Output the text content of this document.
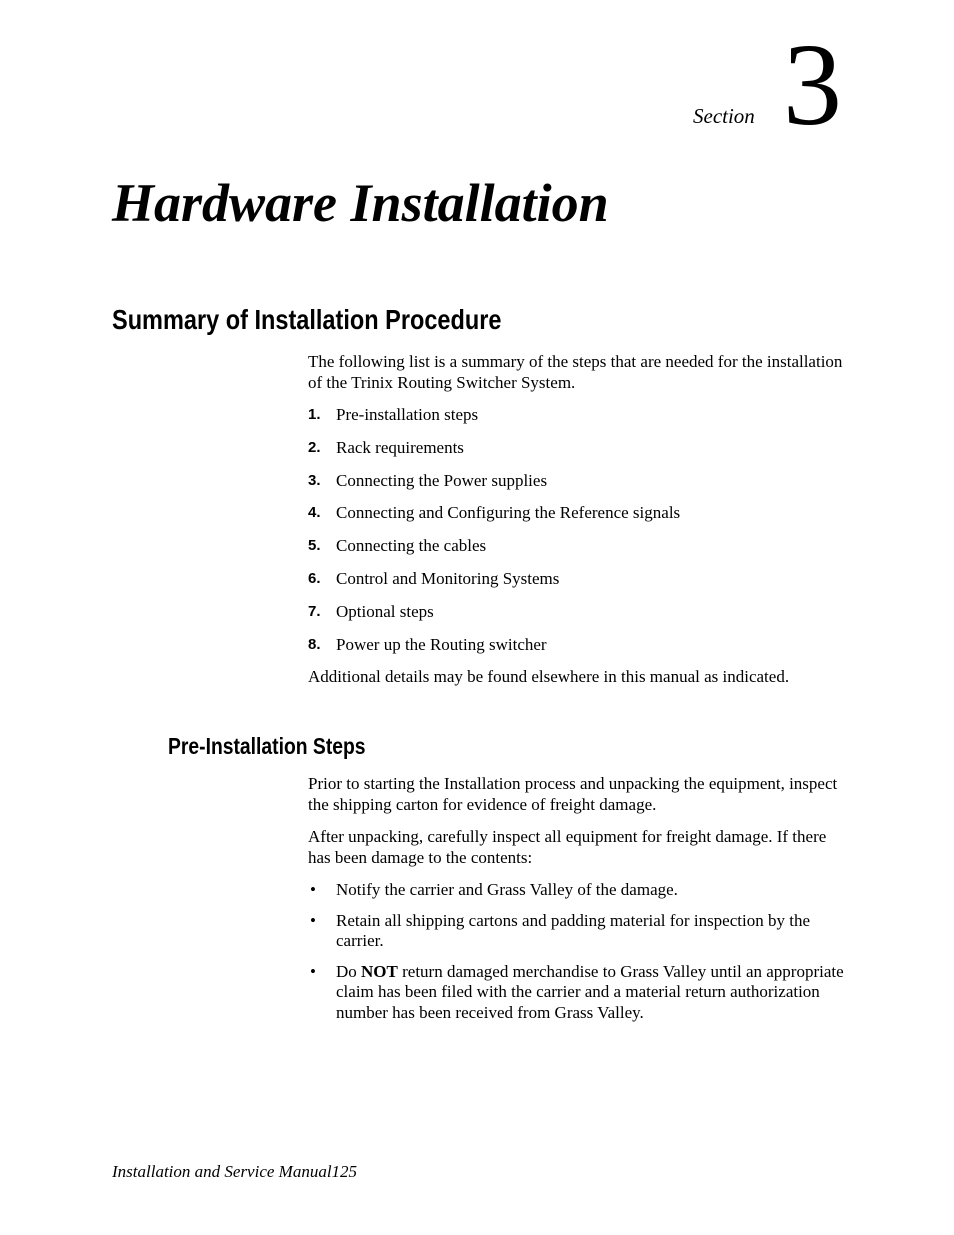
Section 3
Hardware Installation
Summary of Installation Procedure

The following list is a summary of the steps that are needed for the installation of the Trinix Routing Switcher System.

1. Pre-installation steps
2. Rack requirements
3. Connecting the Power supplies
4. Connecting and Configuring the Reference signals
5. Connecting the cables
6. Control and Monitoring Systems
7. Optional steps
8. Power up the Routing switcher

Additional details may be found elsewhere in this manual as indicated.

Pre-Installation Steps

Prior to starting the Installation process and unpacking the equipment, inspect the shipping carton for evidence of freight damage.

After unpacking, carefully inspect all equipment for freight damage. If there has been damage to the contents:

• Notify the carrier and Grass Valley of the damage.
• Retain all shipping cartons and padding material for inspection by the carrier.
• Do NOT return damaged merchandise to Grass Valley until an appropriate claim has been filed with the carrier and a material return authorization number has been received from Grass Valley.
Installation and Service Manual125
